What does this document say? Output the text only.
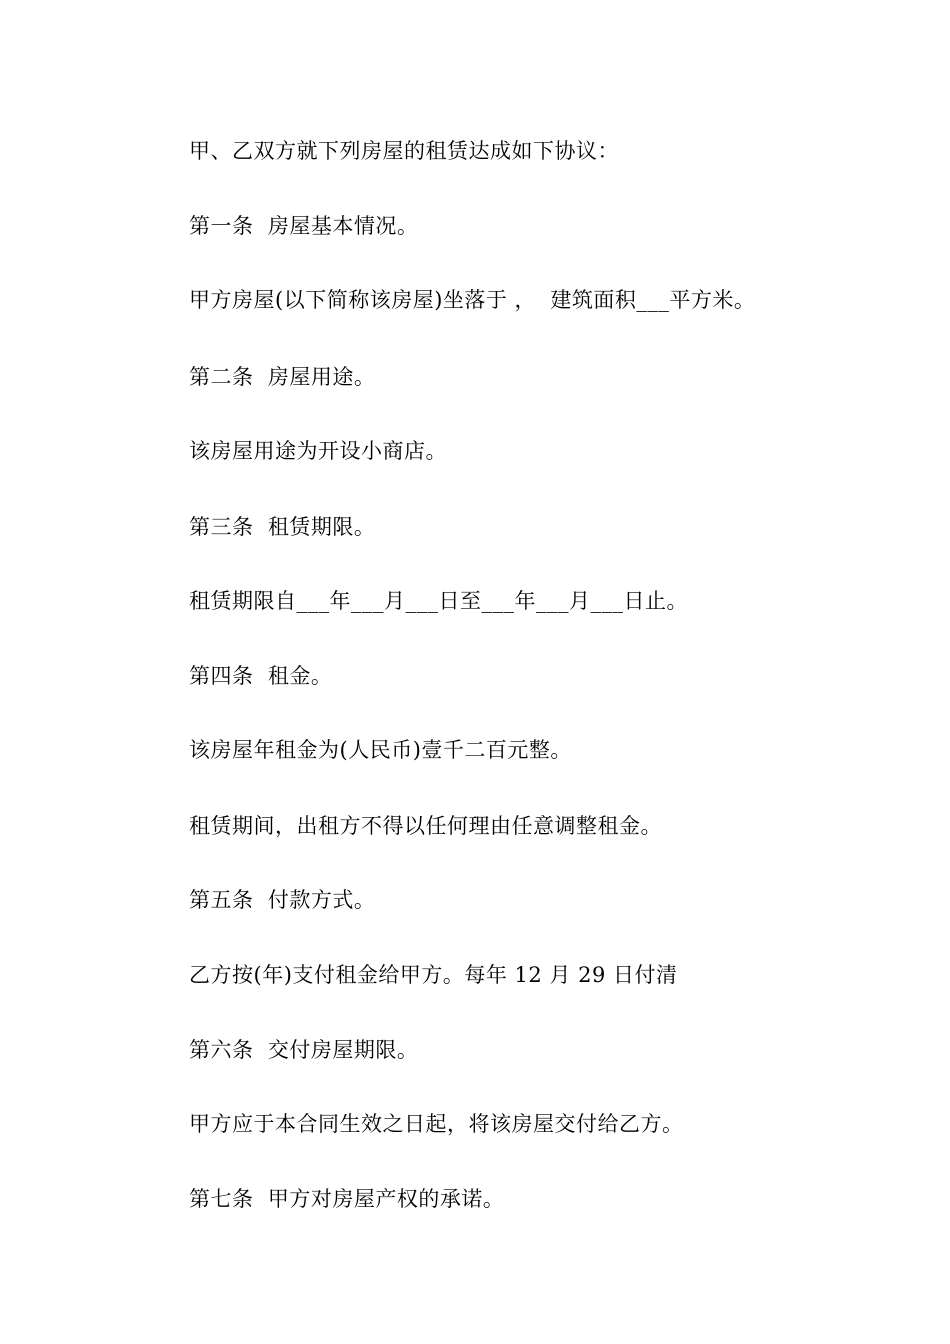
甲、乙双方就下列房屋的租赁达成如下协议：
第一条  房屋基本情况。
甲方房屋(以下简称该房屋)坐落于 ，  建筑面积___平方米。
第二条  房屋用途。
该房屋用途为开设小商店。
第三条  租赁期限。
租赁期限自___年___月___日至___年___月___日止。
第四条  租金。
该房屋年租金为(人民币)壹千二百元整。
租赁期间，出租方不得以任何理由任意调整租金。
第五条  付款方式。
乙方按(年)支付租金给甲方。每年 12 月 29 日付清
第六条  交付房屋期限。
甲方应于本合同生效之日起，将该房屋交付给乙方。
第七条  甲方对房屋产权的承诺。
